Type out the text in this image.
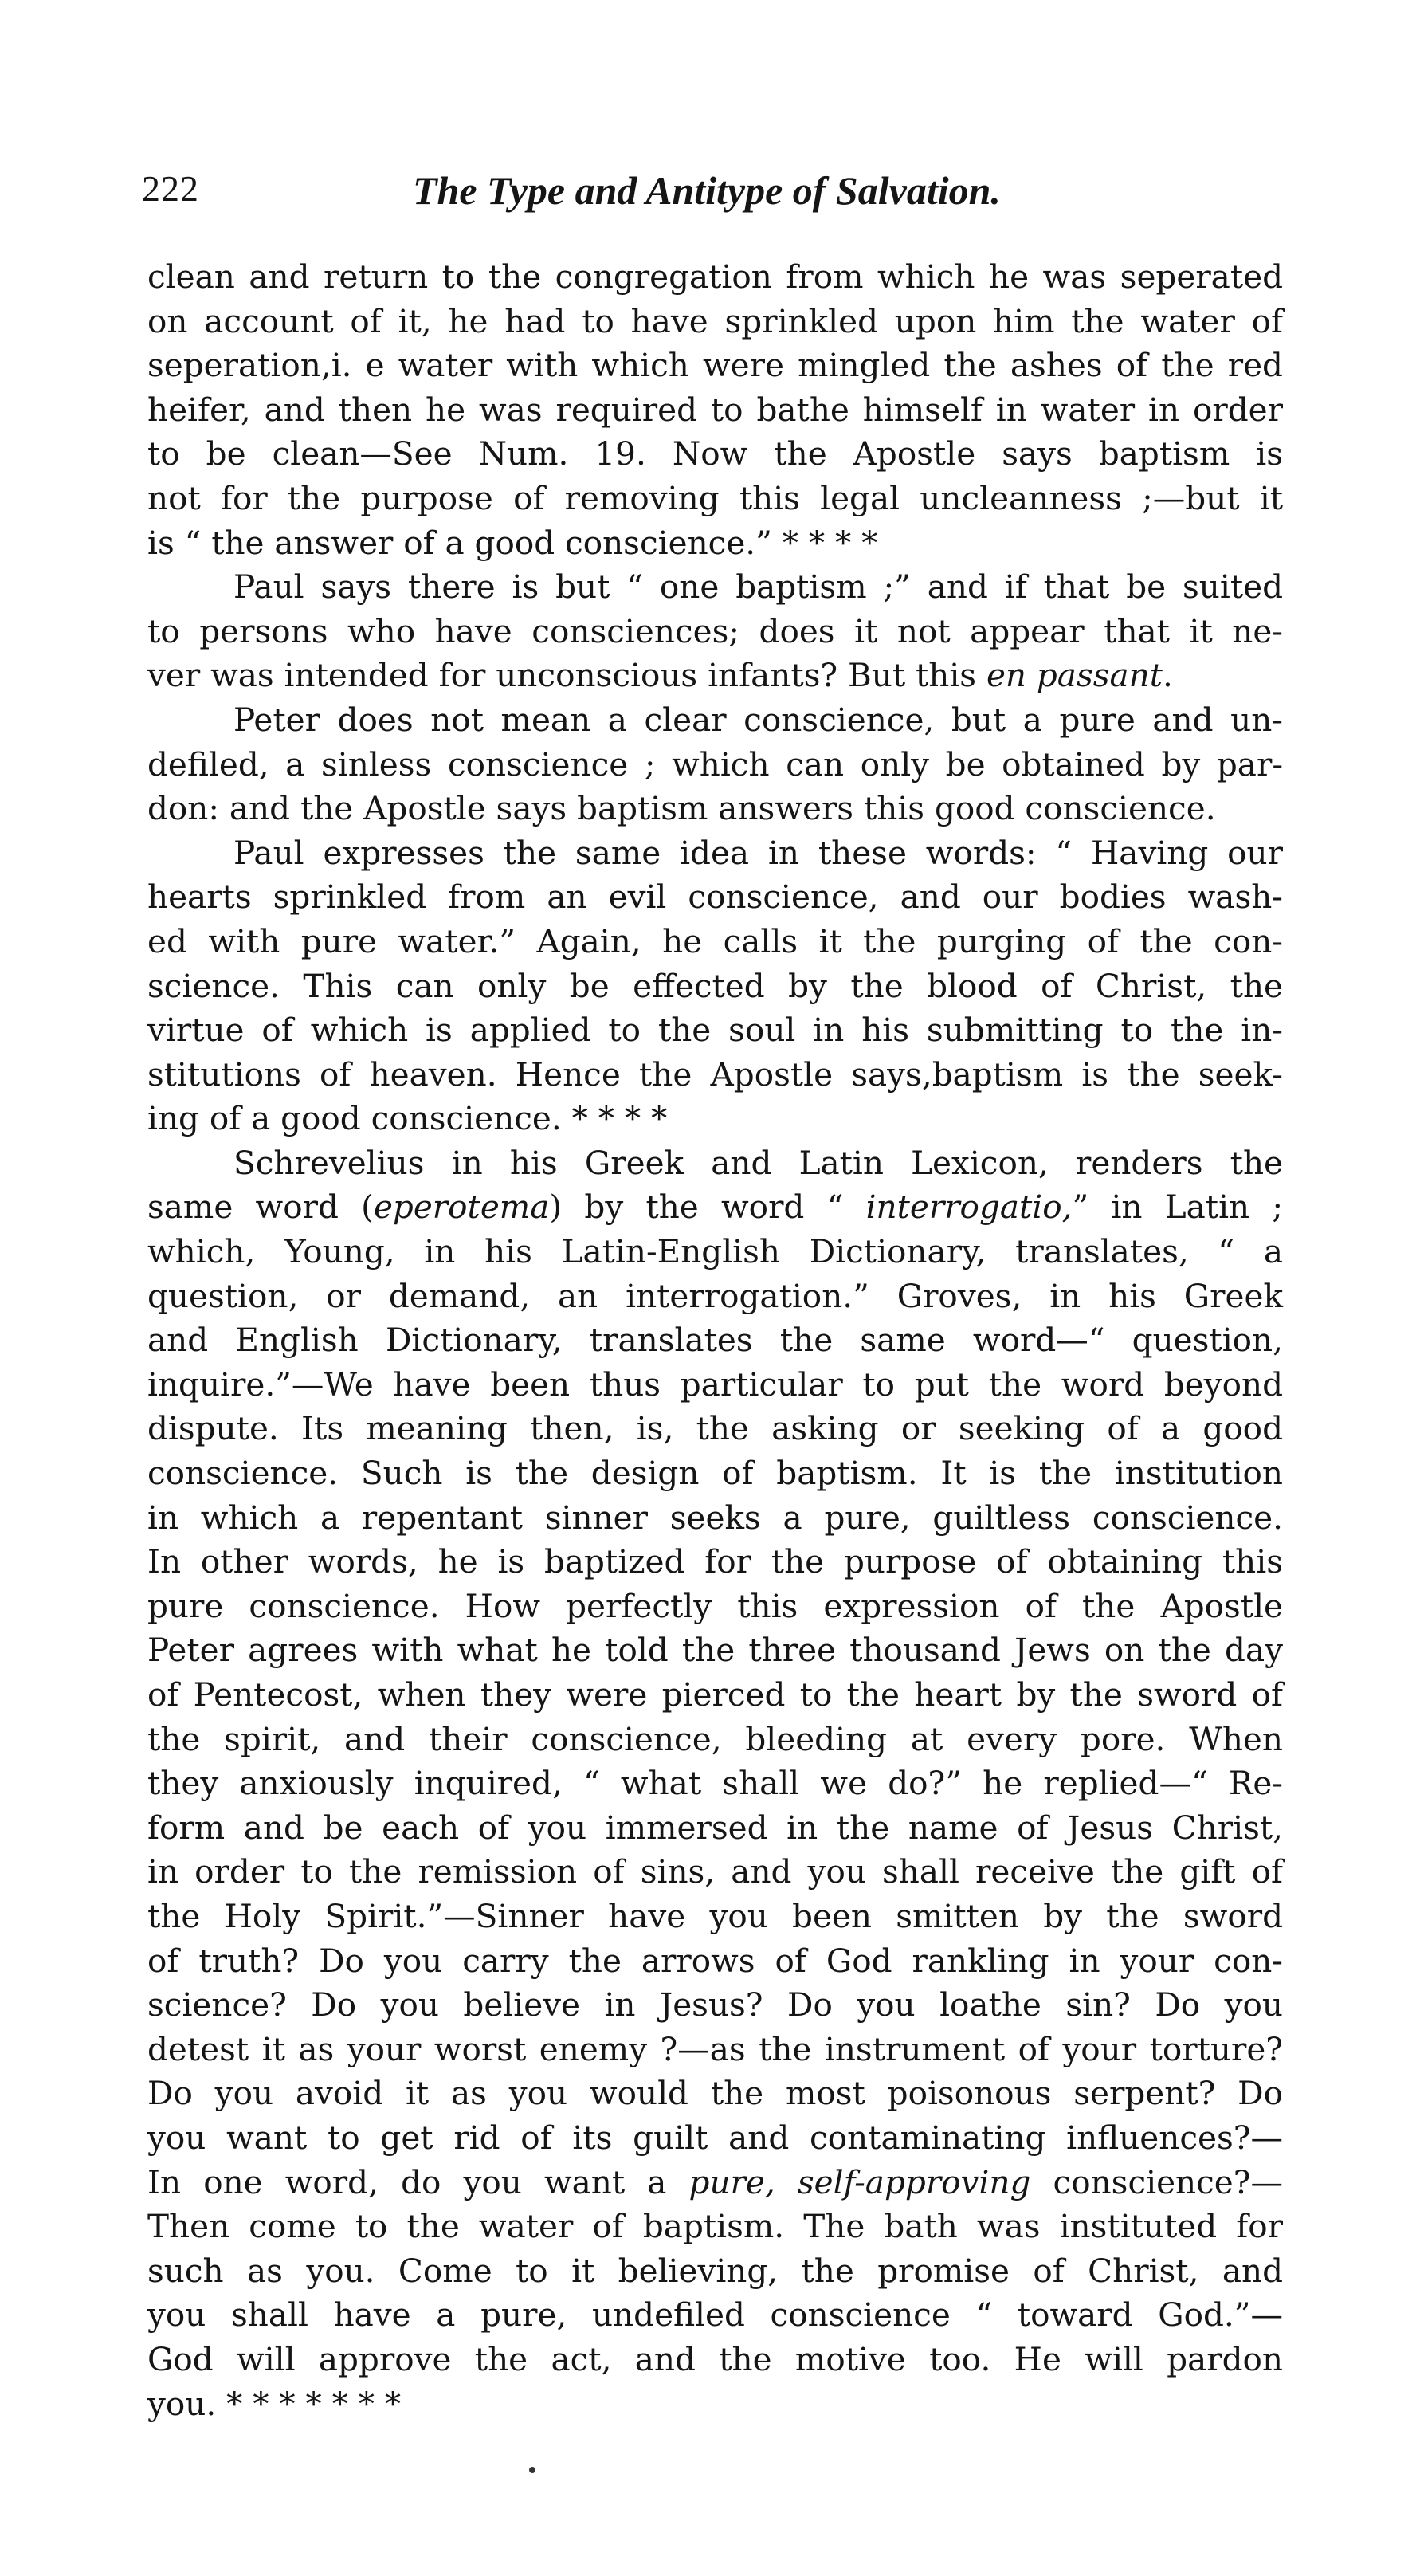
222	The Type and Antitype of Salvation.
clean and return to the congregation from which he was seperated
on account of it, he had to have sprinkled upon him the water of
seperation,i. e water with which were mingled the ashes of the red
heifer, and then he was required to bathe himself in water in order
to be clean—See Num. 19. Now the Apostle says baptism is
not for the purpose of removing this legal uncleanness ;—but it
is “ the answer of a good conscience.” * * * *
Paul says there is but “ one baptism ;” and if that be suited
to persons who have consciences; does it not appear that it ne-
ver was intended for unconscious infants? But this en passant.
Peter does not mean a clear conscience, but a pure and un-
defiled, a sinless conscience ; which can only be obtained by par-
don: and the Apostle says baptism answers this good conscience.
Paul expresses the same idea in these words: “ Having our
hearts sprinkled from an evil conscience, and our bodies wash-
ed with pure water.” Again, he calls it the purging of the con-
science. This can only be effected by the blood of Christ, the
virtue of which is applied to the soul in his submitting to the in-
stitutions of heaven. Hence the Apostle says,baptism is the seek-
ing of a good conscience. * * * *
Schrevelius in his Greek and Latin Lexicon, renders the
same word (eperotema) by the word “ interrogatio,” in Latin ;
which, Young, in his Latin-English Dictionary, translates, “ a
question, or demand, an interrogation.” Groves, in his Greek
and English Dictionary, translates the same word—“ question,
inquire.”—We have been thus particular to put the word beyond
dispute. Its meaning then, is, the asking or seeking of a good
conscience. Such is the design of baptism. It is the institution
in which a repentant sinner seeks a pure, guiltless conscience.
In other words, he is baptized for the purpose of obtaining this
pure conscience. How perfectly this expression of the Apostle
Peter agrees with what he told the three thousand Jews on the day
of Pentecost, when they were pierced to the heart by the sword of
the spirit, and their conscience, bleeding at every pore. When
they anxiously inquired, “ what shall we do?” he replied—“ Re-
form and be each of you immersed in the name of Jesus Christ,
in order to the remission of sins, and you shall receive the gift of
the Holy Spirit.”—Sinner have you been smitten by the sword
of truth? Do you carry the arrows of God rankling in your con-
science? Do you believe in Jesus? Do you loathe sin? Do you
detest it as your worst enemy ?—as the instrument of your torture?
Do you avoid it as you would the most poisonous serpent? Do
you want to get rid of its guilt and contaminating influences?—
In one word, do you want a pure, self-approving conscience?—
Then come to the water of baptism. The bath was instituted for
such as you. Come to it believing, the promise of Christ, and
you shall have a pure, undefiled conscience “ toward God.”—
God will approve the act, and the motive too. He will pardon
you. * * * * * * *
